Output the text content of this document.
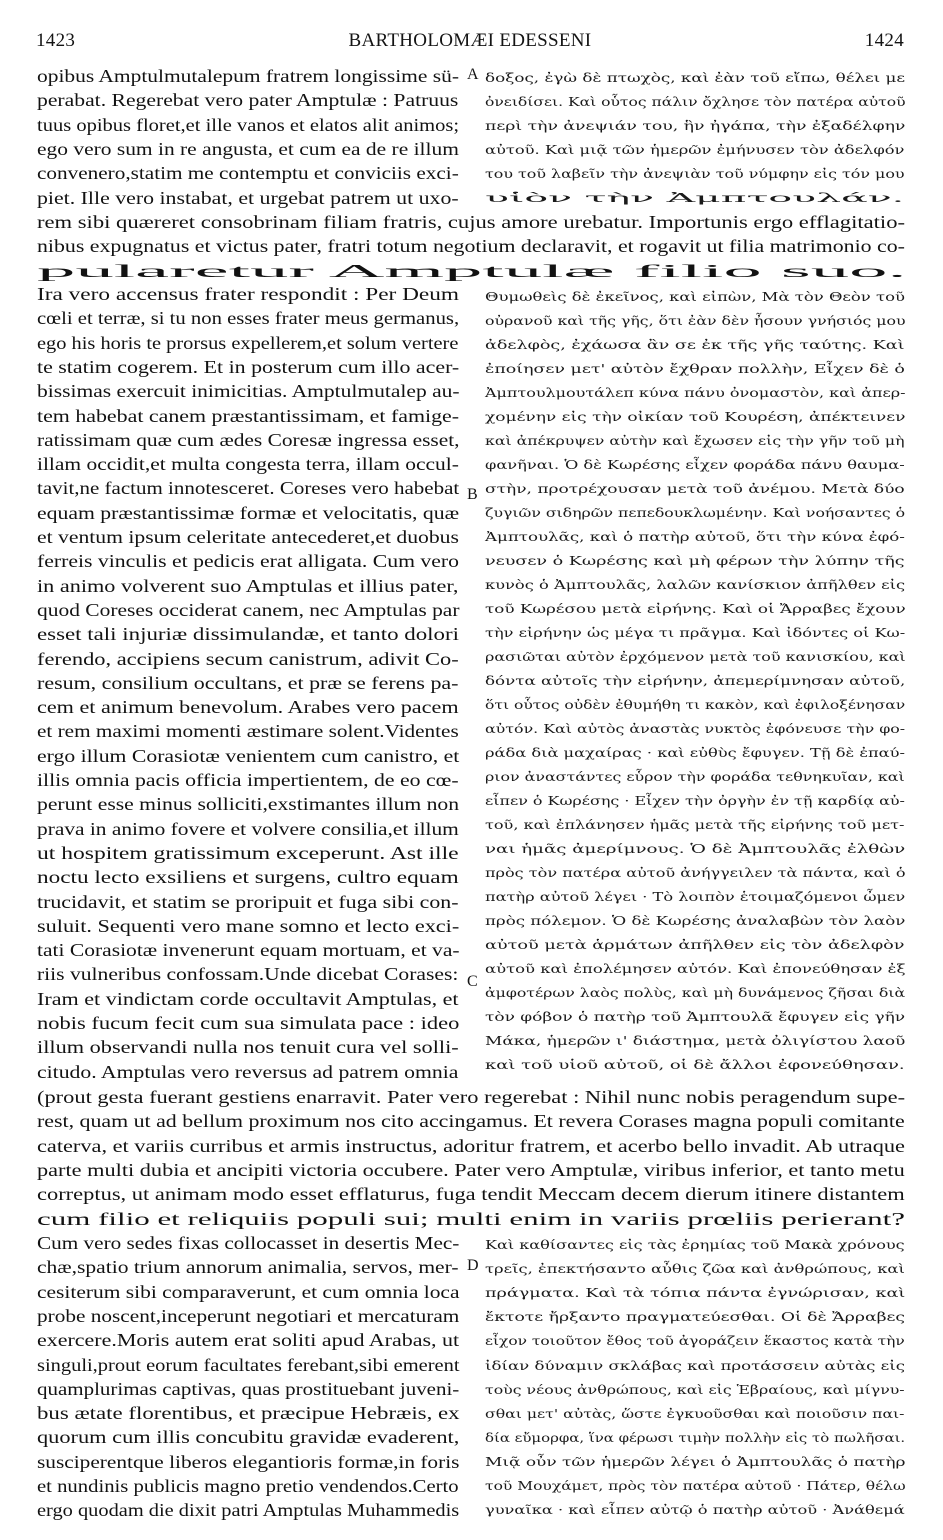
1423	BARTHOLOMÆI EDESSENI	1424
opibus Amptulmutalepum fratrem longissime sü-
perabat. Regerebat vero pater Amptulæ : Patruus
tuus opibus floret,et ille vanos et elatos alit animos;
ego vero sum in re angusta, et cum ea de re illum
convenero,statim me contemptu et conviciis exci-
piet. Ille vero instabat, et urgebat patrem ut uxo-
δοξος, ἐγὼ δὲ πτωχὸς, καὶ ἐὰν τοῦ εἴπω, θέλει με
ὀνειδίσει. Καὶ οὗτος πάλιν ὄχλησε τὸν πατέρα αὐτοῦ
περὶ τὴν ἀνεψιάν του, ἣν ἠγάπα, τὴν ἐξαδέλφην
αὐτοῦ. Καὶ μιᾷ τῶν ἡμερῶν ἐμήνυσεν τὸν ἀδελφόν
του τοῦ λαβεῖν τὴν ἀνεψιὰν τοῦ νύμφην εἰς τόν μου
υἱὸν τὴν Ἀμπτουλάν.
rem sibi quæreret consobrinam filiam fratris, cujus amore urebatur. Importunis ergo efflagitatio-
nibus expugnatus et victus pater, fratri totum negotium declaravit, et rogavit ut filia matrimonio co-
pularetur Amptulæ filio suo.
Ira vero accensus frater respondit : Per Deum
cœli et terræ, si tu non esses frater meus germanus,
ego his horis te prorsus expellerem,et solum vertere
te statim cogerem. Et in posterum cum illo acer-
bissimas exercuit inimicitias. Amptulmutalep au-
tem habebat canem præstantissimam, et famige-
ratissimam quæ cum ædes Coresæ ingressa esset,
illam occidit,et multa congesta terra, illam occul-
tavit,ne factum innotesceret. Coreses vero habebat
equam præstantissimæ formæ et velocitatis, quæ
et ventum ipsum celeritate antecederet,et duobus
ferreis vinculis et pedicis erat alligata. Cum vero
in animo volverent suo Amptulas et illius pater,
quod Coreses occiderat canem, nec Amptulas par
esset tali injuriæ dissimulandæ, et tanto dolori
ferendo, accipiens secum canistrum, adivit Co-
resum, consilium occultans, et præ se ferens pa-
cem et animum benevolum. Arabes vero pacem
et rem maximi momenti æstimare solent.Videntes
ergo illum Corasiotæ venientem cum canistro, et
illis omnia pacis officia impertientem, de eo cœ-
perunt esse minus solliciti,exstimantes illum non
prava in animo fovere et volvere consilia,et illum
ut hospitem gratissimum exceperunt. Ast ille
noctu lecto exsiliens et surgens, cultro equam
trucidavit, et statim se proripuit et fuga sibi con-
suluit. Sequenti vero mane somno et lecto exci-
tati Corasiotæ invenerunt equam mortuam, et va-
riis vulneribus confossam.Unde dicebat Corases:
Iram et vindictam corde occultavit Amptulas, et
nobis fucum fecit cum sua simulata pace : ideo
illum observandi nulla nos tenuit cura vel solli-
citudo. Amptulas vero reversus ad patrem omnia
Θυμωθεὶς δὲ ἐκεῖνος, καὶ εἰπὼν, Μὰ τὸν Θεὸν τοῦ
οὐρανοῦ καὶ τῆς γῆς, ὅτι ἐὰν δὲν ἦσουν γνήσιός μου
ἀδελφὸς, ἐχάωσα ἂν σε ἐκ τῆς γῆς ταύτης. Καὶ
ἐποίησεν μετ' αὐτὸν ἔχθραν πολλὴν, Εἶχεν δὲ ὁ
Ἀμπτουλμουτάλεπ κύνα πάνυ ὀνομαστὸν, καὶ ἀπερ-
χομένην εἰς τὴν οἰκίαν τοῦ Κουρέση, ἀπέκτεινεν
καὶ ἀπέκρυψεν αὐτὴν καὶ ἔχωσεν εἰς τὴν γῆν τοῦ μὴ
φανῆναι. Ὁ δὲ Κωρέσης εἶχεν φοράδα πάνυ θαυμα-
στὴν, προτρέχουσαν μετὰ τοῦ ἀνέμου. Μετὰ δύο
ζυγιῶν σιδηρῶν πεπεδουκλωμένην. Καὶ νοήσαντες ὁ
Ἀμπτουλᾶς, καὶ ὁ πατὴρ αὐτοῦ, ὅτι τὴν κύνα ἐφό-
νευσεν ὁ Κωρέσης καὶ μὴ φέρων τὴν λύπην τῆς
κυνὸς ὁ Ἀμπτουλᾶς, λαλῶν κανίσκιον ἀπῆλθεν εἰς
τοῦ Κωρέσου μετὰ εἰρήνης. Καὶ οἱ Ἄρραβες ἔχουν
τὴν εἰρήνην ὡς μέγα τι πρᾶγμα. Καὶ ἰδόντες οἱ Κω-
ρασιῶται αὐτὸν ἐρχόμενον μετὰ τοῦ κανισκίου, καὶ
δόντα αὐτοῖς τὴν εἰρήνην, ἀπεμερίμνησαν αὐτοῦ,
ὅτι οὗτος οὐδὲν ἐθυμήθη τι κακὸν, καὶ ἐφιλοξένησαν
αὐτόν. Καὶ αὐτὸς ἀναστὰς νυκτὸς ἐφόνευσε τὴν φο-
ράδα διὰ μαχαίρας · καὶ εὐθὺς ἔφυγεν. Τῇ δὲ ἐπαύ-
ριον ἀναστάντες εὗρον τὴν φοράδα τεθνηκυῖαν, καὶ
εἶπεν ὁ Κωρέσης · Εἶχεν τὴν ὀργὴν ἐν τῇ καρδίᾳ αὐ-
τοῦ, καὶ ἐπλάνησεν ἡμᾶς μετὰ τῆς εἰρήνης τοῦ μετ-
ναι ἡμᾶς ἀμερίμνους. Ὁ δὲ Ἀμπτουλᾶς ἐλθὼν
πρὸς τὸν πατέρα αὐτοῦ ἀνήγγειλεν τὰ πάντα, καὶ ὁ
πατὴρ αὐτοῦ λέγει · Τὸ λοιπὸν ἑτοιμαζόμενοι ὦμεν
πρὸς πόλεμον. Ὁ δὲ Κωρέσης ἀναλαβὼν τὸν λαὸν
αὐτοῦ μετὰ ἁρμάτων ἀπῆλθεν εἰς τὸν ἀδελφὸν
αὐτοῦ καὶ ἐπολέμησεν αὐτόν. Καὶ ἐπονεύθησαν ἐξ
ἀμφοτέρων λαὸς πολὺς, καὶ μὴ δυνάμενος ζῆσαι διὰ
τὸν φόβον ὁ πατὴρ τοῦ Ἀμπτουλᾶ ἔφυγεν εἰς γῆν
Μάκα, ἡμερῶν ι' διάστημα, μετὰ ὀλιγίστου λαοῦ
καὶ τοῦ υἱοῦ αὐτοῦ, οἱ δὲ ἄλλοι ἐφονεύθησαν.
(prout gesta fuerant gestiens enarravit. Pater vero regerebat : Nihil nunc nobis peragendum supe-
rest, quam ut ad bellum proximum nos cito accingamus. Et revera Corases magna populi comitante
caterva, et variis curribus et armis instructus, adoritur fratrem, et acerbo bello invadit. Ab utraque
parte multi dubia et ancipiti victoria occubere. Pater vero Amptulæ, viribus inferior, et tanto metu
correptus, ut animam modo esset efflaturus, fuga tendit Meccam decem dierum itinere distantem
cum filio et reliquiis populi sui; multi enim in variis prœliis perierant?
Cum vero sedes fixas collocasset in desertis Mec-
chæ,spatio trium annorum animalia, servos, mer-
cesiterum sibi comparaverunt, et cum omnia loca
probe noscent,inceperunt negotiari et mercaturam
exercere.Moris autem erat soliti apud Arabas, ut
singuli,prout eorum facultates ferebant,sibi emerent
quamplurimas captivas, quas prostituebant juveni-
bus ætate florentibus, et præcipue Hebræis, ex
quorum cum illis concubitu gravidæ evaderent,
susciperentque liberos elegantioris formæ,in foris
et nundinis publicis magno pretio vendendos.Certo
ergo quodam die dixit patri Amptulas Muhammedis
Καὶ καθίσαντες εἰς τὰς ἐρημίας τοῦ Μακὰ χρόνους
τρεῖς, ἐπεκτήσαντο αὖθις ζῶα καὶ ἀνθρώπους, καὶ
πράγματα. Καὶ τὰ τόπια πάντα ἐγνώρισαν, καὶ
ἔκτοτε ἤρξαντο πραγματεύεσθαι. Οἱ δὲ Ἄρραβες
εἶχον τοιοῦτον ἔθος τοῦ ἀγοράζειν ἕκαστος κατὰ τὴν
ἰδίαν δύναμιν σκλάβας καὶ προτάσσειν αὐτὰς εἰς
τοὺς νέους ἀνθρώπους, καὶ εἰς Ἑβραίους, καὶ μίγνυ-
σθαι μετ' αὐτὰς, ὥστε ἐγκυοῦσθαι καὶ ποιοῦσιν παι-
δία εὔμορφα, ἵνα φέρωσι τιμὴν πολλὴν εἰς τὸ πωλῆσαι.
Μιᾷ οὖν τῶν ἡμερῶν λέγει ὁ Ἀμπτουλᾶς ὁ πατὴρ
τοῦ Μουχάμετ, πρὸς τὸν πατέρα αὐτοῦ · Πάτερ, θέλω
γυναῖκα · καὶ εἶπεν αὐτῷ ὁ πατὴρ αὐτοῦ · Ἀνάθεμά
A
B
C
D
